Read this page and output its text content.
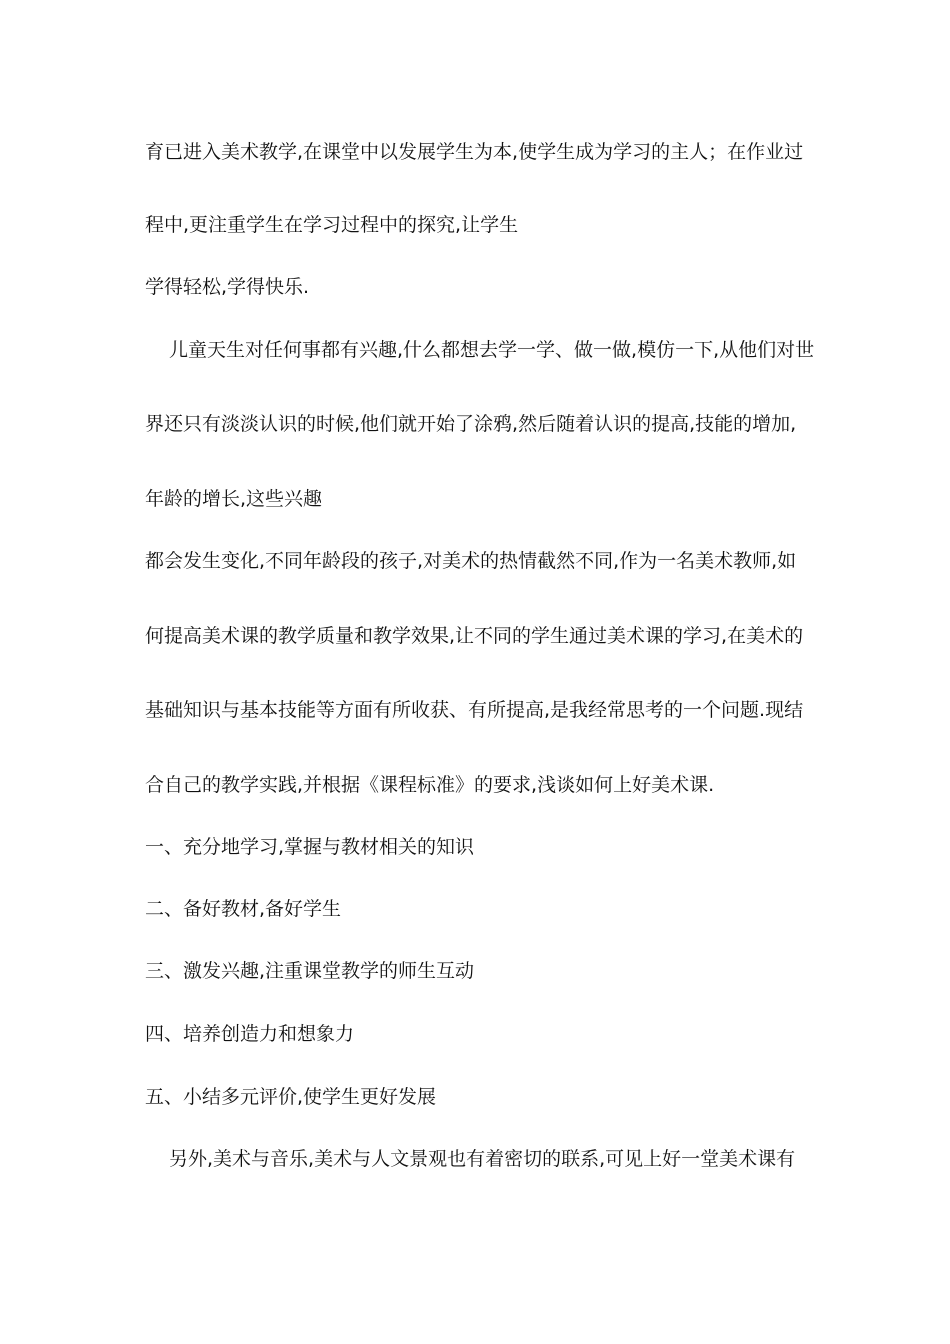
育已进入美术教学,在课堂中以发展学生为本,使学生成为学习的主人；在作业过
程中,更注重学生在学习过程中的探究,让学生
学得轻松,学得快乐.
儿童天生对任何事都有兴趣,什么都想去学一学、做一做,模仿一下,从他们对世
界还只有淡淡认识的时候,他们就开始了涂鸦,然后随着认识的提高,技能的增加,
年龄的增长,这些兴趣
都会发生变化,不同年龄段的孩子,对美术的热情截然不同,作为一名美术教师,如
何提高美术课的教学质量和教学效果,让不同的学生通过美术课的学习,在美术的
基础知识与基本技能等方面有所收获、有所提高,是我经常思考的一个问题.现结
合自己的教学实践,并根据《课程标准》的要求,浅谈如何上好美术课.
一、充分地学习,掌握与教材相关的知识
二、备好教材,备好学生
三、激发兴趣,注重课堂教学的师生互动
四、培养创造力和想象力
五、小结多元评价,使学生更好发展
另外,美术与音乐,美术与人文景观也有着密切的联系,可见上好一堂美术课有
